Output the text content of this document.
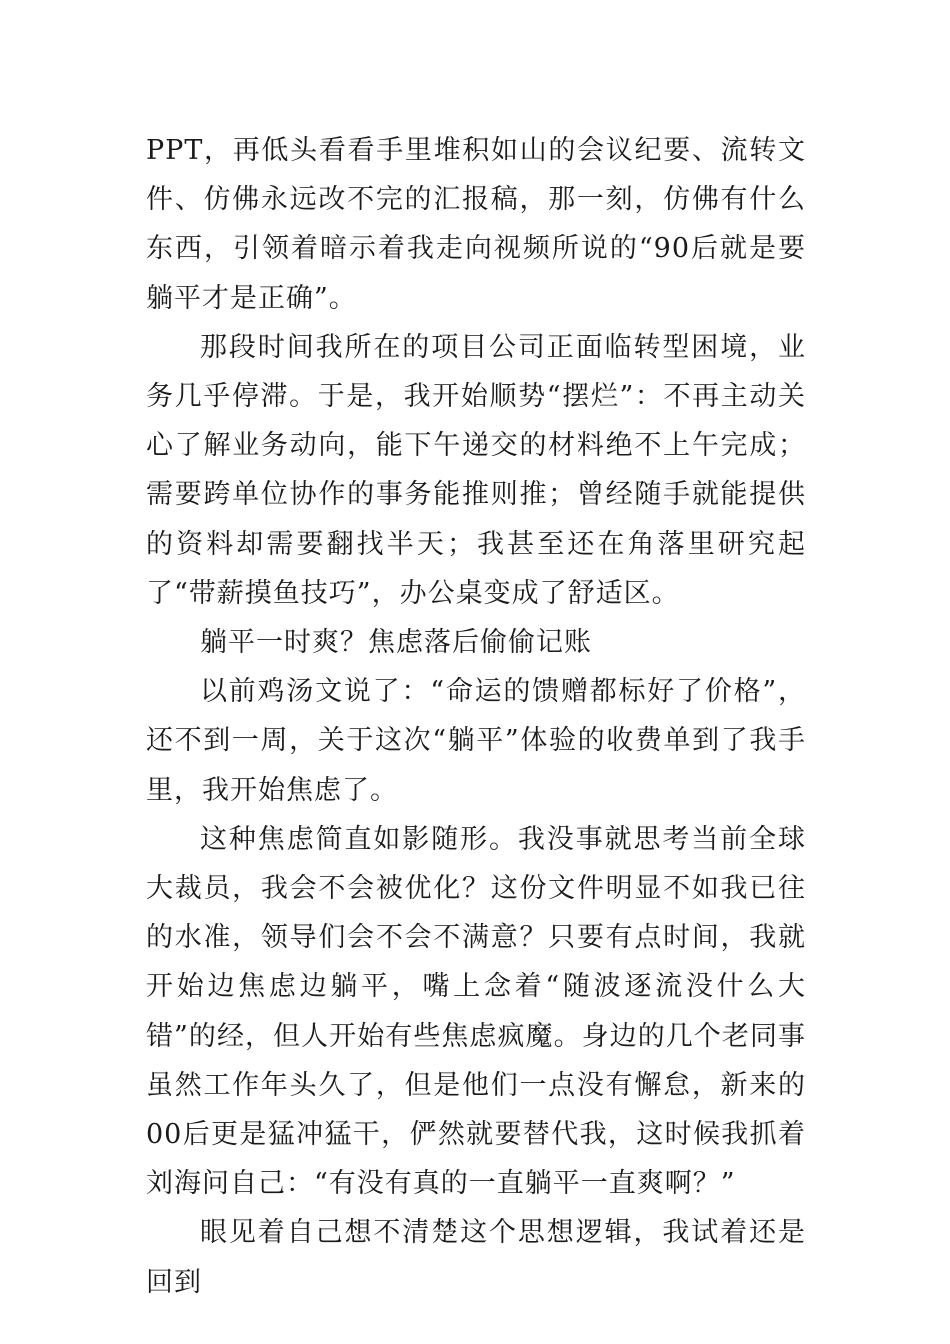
PPT，再低头看看手里堆积如山的会议纪要、流转文件、仿佛永远改不完的汇报稿，那一刻，仿佛有什么东西，引领着暗示着我走向视频所说的“90后就是要躺平才是正确”。

那段时间我所在的项目公司正面临转型困境，业务几乎停滞。于是，我开始顺势“摆烂”：不再主动关心了解业务动向，能下午递交的材料绝不上午完成；需要跨单位协作的事务能推则推；曾经随手就能提供的资料却需要翻找半天；我甚至还在角落里研究起了“带薪摸鱼技巧”，办公桌变成了舒适区。

躺平一时爽？焦虑落后偷偷记账

以前鸡汤文说了：“命运的馈赠都标好了价格”，还不到一周，关于这次“躺平”体验的收费单到了我手里，我开始焦虑了。

这种焦虑简直如影随形。我没事就思考当前全球大裁员，我会不会被优化？这份文件明显不如我已往的水准，领导们会不会不满意？只要有点时间，我就开始边焦虑边躺平，嘴上念着“随波逐流没什么大错”的经，但人开始有些焦虑疯魔。身边的几个老同事虽然工作年头久了，但是他们一点没有懈怠，新来的00后更是猛冲猛干，俨然就要替代我，这时候我抓着刘海问自己：“有没有真的一直躺平一直爽啊？”

眼见着自己想不清楚这个思想逻辑，我试着还是回到
